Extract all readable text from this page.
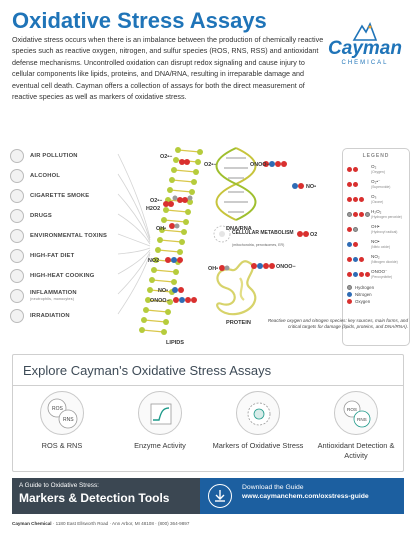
Oxidative Stress Assays
Cayman
CHEMICAL

Oxidative stress occurs when there is an imbalance between the production of chemically reactive species such as reactive oxygen, nitrogen, and sulfur species (ROS, RNS, RSS) and antioxidant defense mechanisms. Uncontrolled oxidation can disrupt redox signaling and cause injury to cellular components like lipids, proteins, and DNA/RNA, resulting in irreparable damage and eventual cell death. Cayman offers a collection of assays for both the direct measurement of reactive species as well as markers of oxidative stress.

O2•−
ONOO−
NO•
O2•−
H2O2
OH•
O2
NO2
ONOO−
NO•
OH•
ONOO−
O2•−
AIR POLLUTION
ALCOHOL
CIGARETTE SMOKE
DRUGS
ENVIRONMENTAL TOXINS
HIGH-FAT DIET
HIGH-HEAT COOKING
INFLAMMATION
(neutrophils, monocytes)
IRRADIATION
DNA/RNA
CELLULAR METABOLISM
(mitochondria, peroxisomes, ER)
PROTEIN
LIPIDS
LEGEND
O₂
(Oxygen)
O₂•⁻
(Superoxide)
O₃
(Ozone)
H₂O₂
(Hydrogen peroxide)
OH•
(Hydroxyl radical)
NO•
(Nitric oxide)
NO₂
(Nitrogen dioxide)
ONOO⁻
(Peroxynitrite)
Hydrogen
Nitrogen
Oxygen
Reactive oxygen and nitrogen species: key sources, main forms, and critical targets for damage (lipids, proteins, and DNA/RNA).
Explore Cayman's Oxidative Stress Assays
ROS
RNS
ROS & RNS	Enzyme Activity	Markers of Oxidative Stress
ROS
RNS
Antioxidant Detection & Activity
A Guide to Oxidative Stress:
Markers & Detection Tools
Download the Guide
www.caymanchem.com/oxstress-guide
Cayman Chemical · 1180 East Ellsworth Road · Ann Arbor, MI 48108 · (800) 364-9897
